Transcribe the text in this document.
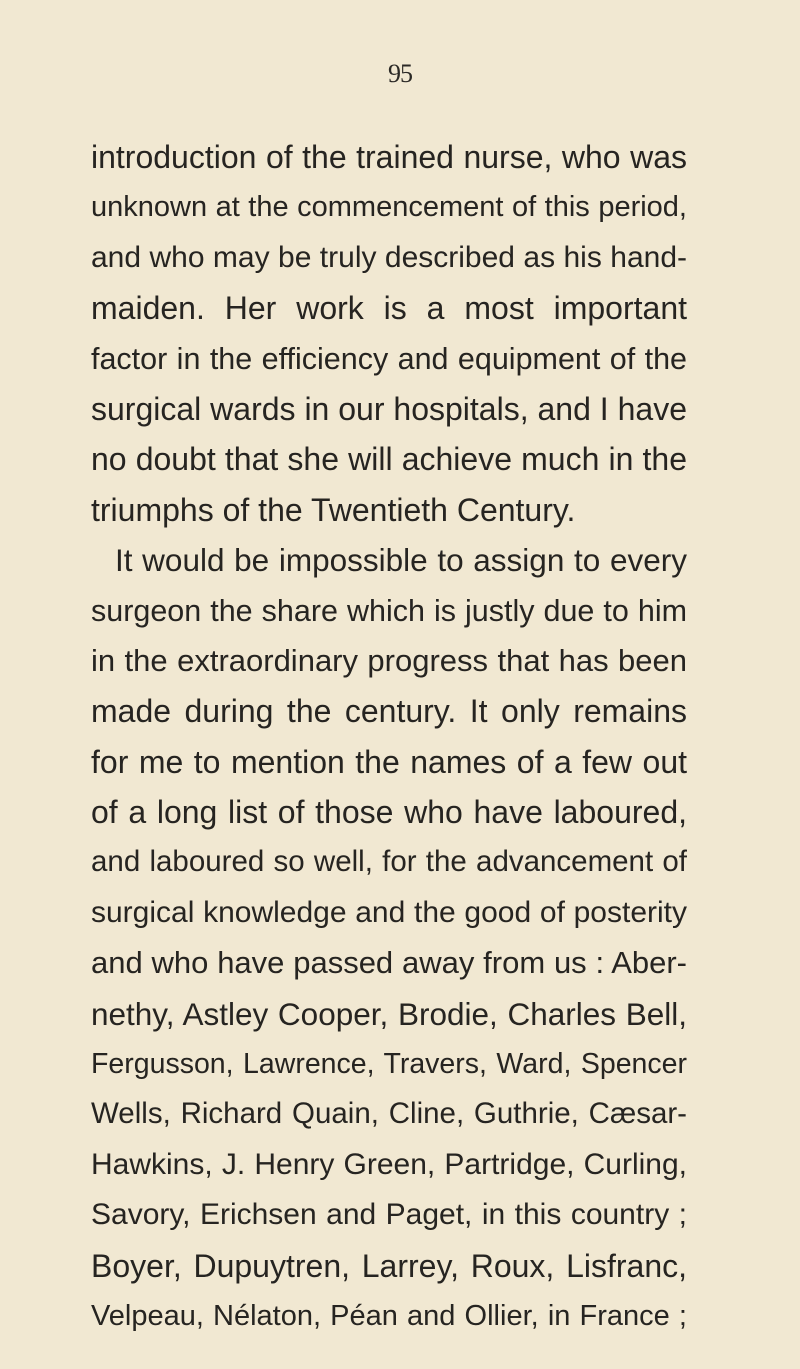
95
introduction of the trained nurse, who was
unknown at the commencement of this period,
and who may be truly described as his hand-
maiden. Her work is a most important
factor in the efficiency and equipment of the
surgical wards in our hospitals, and I have
no doubt that she will achieve much in the
triumphs of the Twentieth Century.
It would be impossible to assign to every
surgeon the share which is justly due to him
in the extraordinary progress that has been
made during the century. It only remains
for me to mention the names of a few out
of a long list of those who have laboured,
and laboured so well, for the advancement of
surgical knowledge and the good of posterity
and who have passed away from us : Aber-
nethy, Astley Cooper, Brodie, Charles Bell,
Fergusson, Lawrence, Travers, Ward, Spencer
Wells, Richard Quain, Cline, Guthrie, Cæsar-
Hawkins, J. Henry Green, Partridge, Curling,
Savory, Erichsen and Paget, in this country ;
Boyer, Dupuytren, Larrey, Roux, Lisfranc,
Velpeau, Nélaton, Péan and Ollier, in France ;
